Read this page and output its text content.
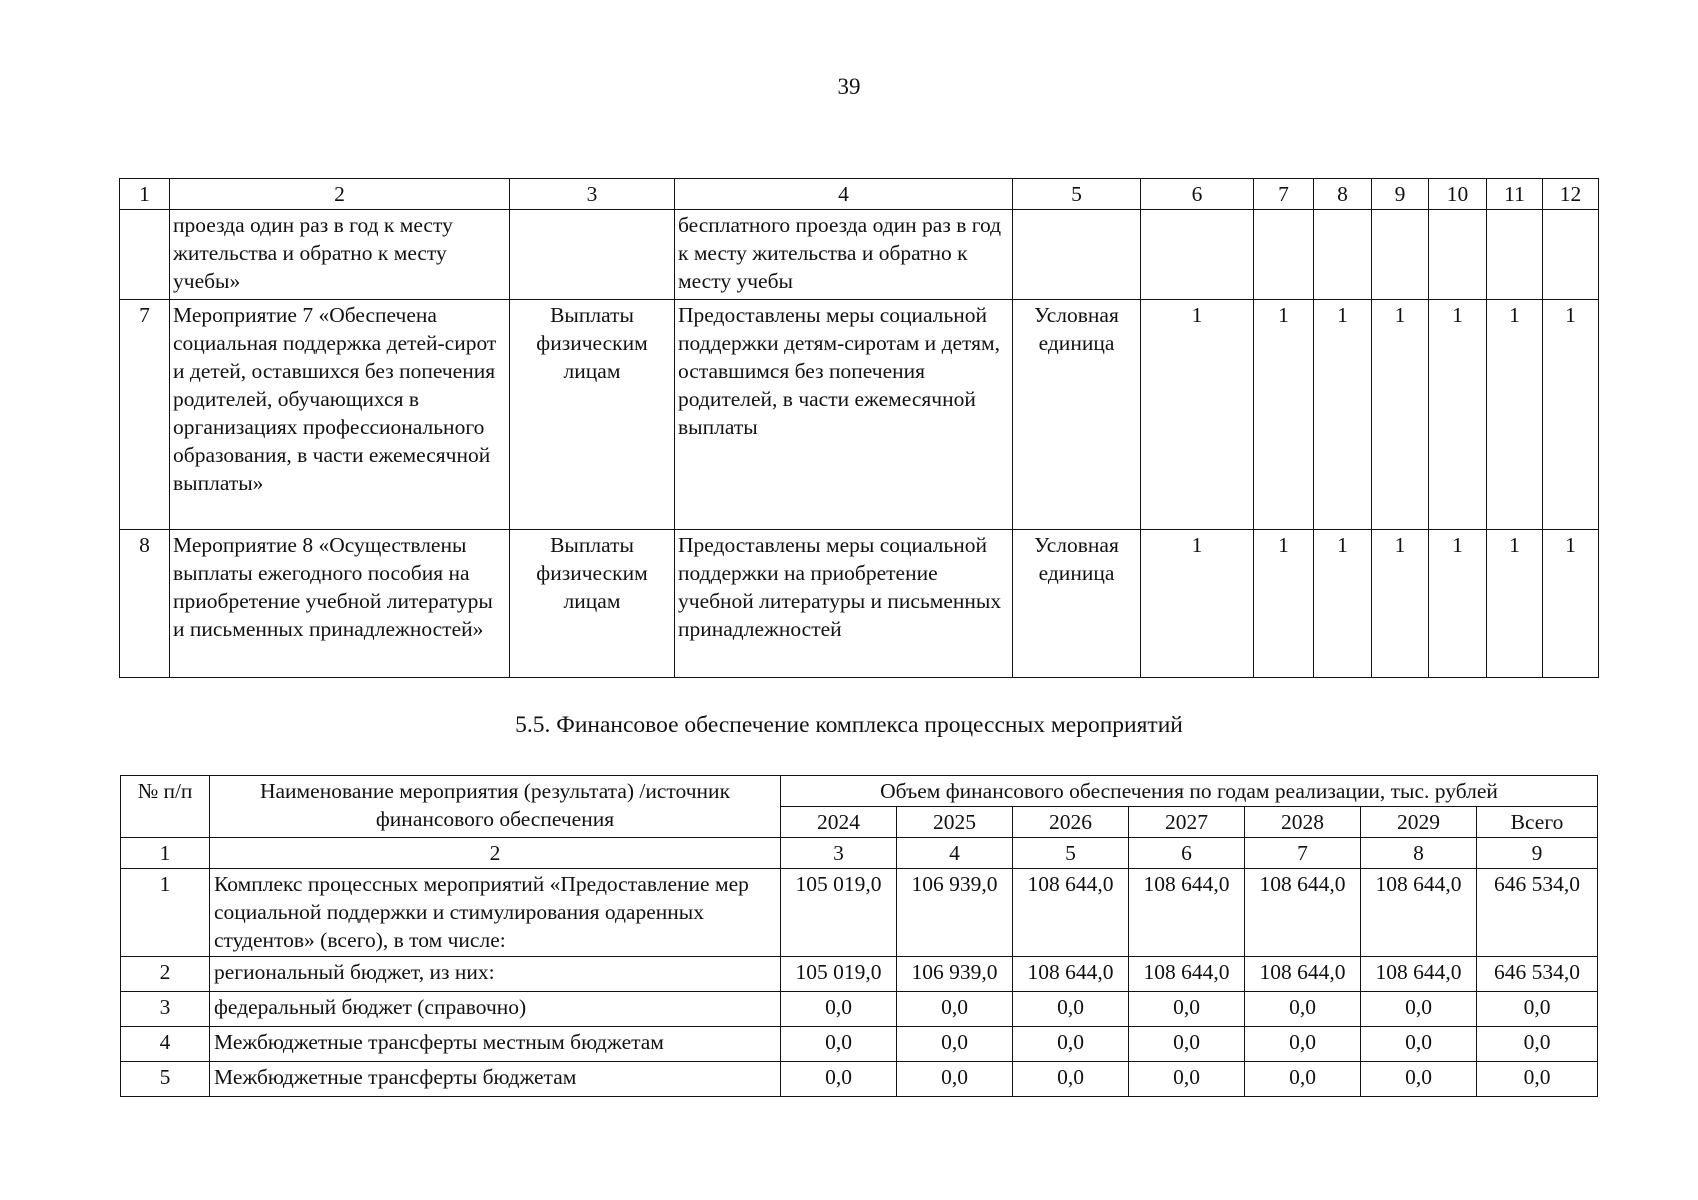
39
1	2	3	4	5	6	7	8	9	10	11	12
	проезда один раз в год к месту жительства и обратно к месту учебы»		бесплатного проезда один раз в год к месту жительства и обратно к месту учебы								
7	Мероприятие 7 «Обеспечена социальная поддержка детей-сирот и детей, оставшихся без попечения родителей, обучающихся в организациях профессионального образования, в части ежемесячной выплаты»	Выплаты физическим лицам	Предоставлены меры социальной поддержки детям-сиротам и детям, оставшимся без попечения родителей, в части ежемесячной выплаты	Условная единица	1	1	1	1	1	1	1
8	Мероприятие 8 «Осуществлены выплаты ежегодного пособия на приобретение учебной литературы и письменных принадлежностей»	Выплаты физическим лицам	Предоставлены меры социальной поддержки на приобретение учебной литературы и письменных принадлежностей	Условная единица	1	1	1	1	1	1	1
5.5. Финансовое обеспечение комплекса процессных мероприятий
№ п/п	Наименование мероприятия (результата) /источник финансового обеспечения	Объем финансового обеспечения по годам реализации, тыс. рублей						
		2024	2025	2026	2027	2028	2029	Всего
1	2	3	4	5	6	7	8	9
1	Комплекс процессных мероприятий «Предоставление мер социальной поддержки и стимулирования одаренных студентов» (всего), в том числе:	105 019,0	106 939,0	108 644,0	108 644,0	108 644,0	108 644,0	646 534,0
2	региональный бюджет, из них:	105 019,0	106 939,0	108 644,0	108 644,0	108 644,0	108 644,0	646 534,0
3	федеральный бюджет (справочно)	0,0	0,0	0,0	0,0	0,0	0,0	0,0
4	Межбюджетные трансферты местным бюджетам	0,0	0,0	0,0	0,0	0,0	0,0	0,0
5	Межбюджетные трансферты бюджетам	0,0	0,0	0,0	0,0	0,0	0,0	0,0
